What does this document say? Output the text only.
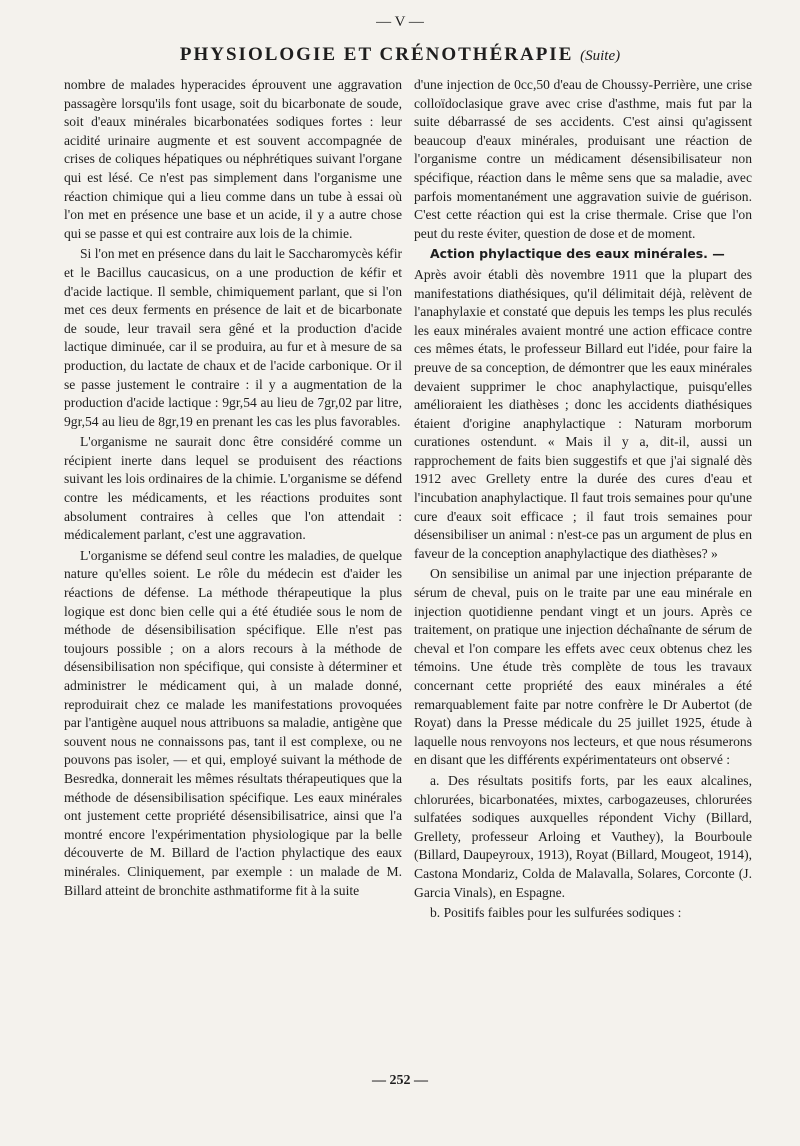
— V —
PHYSIOLOGIE ET CRÉNOTHÉRAPIE (Suite)

nombre de malades hyperacides éprouvent une aggravation passagère lorsqu'ils font usage, soit du bicarbonate de soude, soit d'eaux minérales bicarbonatées sodiques fortes : leur acidité urinaire augmente et est souvent accompagnée de crises de coliques hépatiques ou néphrétiques suivant l'organe qui est lésé. Ce n'est pas simplement dans l'organisme une réaction chimique qui a lieu comme dans un tube à essai où l'on met en présence une base et un acide, il y a autre chose qui se passe et qui est contraire aux lois de la chimie.

Si l'on met en présence dans du lait le Saccharomycès kéfir et le Bacillus caucasicus, on a une production de kéfir et d'acide lactique. Il semble, chimiquement parlant, que si l'on met ces deux ferments en présence de lait et de bicarbonate de soude, leur travail sera gêné et la production d'acide lactique diminuée, car il se produira, au fur et à mesure de sa production, du lactate de chaux et de l'acide carbonique. Or il se passe justement le contraire : il y a augmentation de la production d'acide lactique : 9gr,54 au lieu de 7gr,02 par litre, 9gr,54 au lieu de 8gr,19 en prenant les cas les plus favorables.

L'organisme ne saurait donc être considéré comme un récipient inerte dans lequel se produisent des réactions suivant les lois ordinaires de la chimie. L'organisme se défend contre les médicaments, et les réactions produites sont absolument contraires à celles que l'on attendait : médicalement parlant, c'est une aggravation.

L'organisme se défend seul contre les maladies, de quelque nature qu'elles soient. Le rôle du médecin est d'aider les réactions de défense. La méthode thérapeutique la plus logique est donc bien celle qui a été étudiée sous le nom de méthode de désensibilisation spécifique. Elle n'est pas toujours possible ; on a alors recours à la méthode de désensibilisation non spécifique, qui consiste à déterminer et administrer le médicament qui, à un malade donné, reproduirait chez ce malade les manifestations provoquées par l'antigène auquel nous attribuons sa maladie, antigène que souvent nous ne connaissons pas, tant il est complexe, ou ne pouvons pas isoler, — et qui, employé suivant la méthode de Besredka, donnerait les mêmes résultats thérapeutiques que la méthode de désensibilisation spécifique. Les eaux minérales ont justement cette propriété désensibilisatrice, ainsi que l'a montré encore l'expérimentation physiologique par la belle découverte de M. Billard de l'action phylactique des eaux minérales. Cliniquement, par exemple : un malade de M. Billard atteint de bronchite asthmatiforme fit à la suite

d'une injection de 0cc,50 d'eau de Choussy-Perrière, une crise colloïdoclasique grave avec crise d'asthme, mais fut par la suite débarrassé de ses accidents. C'est ainsi qu'agissent beaucoup d'eaux minérales, produisant une réaction de l'organisme contre un médicament désensibilisateur non spécifique, réaction dans le même sens que sa maladie, avec parfois momentanément une aggravation suivie de guérison. C'est cette réaction qui est la crise thermale. Crise que l'on peut du reste éviter, question de dose et de moment.

Action phylactique des eaux minérales. —

Après avoir établi dès novembre 1911 que la plupart des manifestations diathésiques, qu'il délimitait déjà, relèvent de l'anaphylaxie et constaté que depuis les temps les plus reculés les eaux minérales avaient montré une action efficace contre ces mêmes états, le professeur Billard eut l'idée, pour faire la preuve de sa conception, de démontrer que les eaux minérales devaient supprimer le choc anaphylactique, puisqu'elles amélioraient les diathèses ; donc les accidents diathésiques étaient d'origine anaphylactique : Naturam morborum curationes ostendunt. « Mais il y a, dit-il, aussi un rapprochement de faits bien suggestifs et que j'ai signalé dès 1912 avec Grellety entre la durée des cures d'eau et l'incubation anaphylactique. Il faut trois semaines pour qu'une cure d'eaux soit efficace ; il faut trois semaines pour désensibiliser un animal : n'est-ce pas un argument de plus en faveur de la conception anaphylactique des diathèses? »

On sensibilise un animal par une injection préparante de sérum de cheval, puis on le traite par une eau minérale en injection quotidienne pendant vingt et un jours. Après ce traitement, on pratique une injection déchaînante de sérum de cheval et l'on compare les effets avec ceux obtenus chez les témoins. Une étude très complète de tous les travaux concernant cette propriété des eaux minérales a été remarquablement faite par notre confrère le Dr Aubertot (de Royat) dans la Presse médicale du 25 juillet 1925, étude à laquelle nous renvoyons nos lecteurs, et que nous résumerons en disant que les différents expérimentateurs ont observé :

a. Des résultats positifs forts, par les eaux alcalines, chlorurées, bicarbonatées, mixtes, carbogazeuses, chlorurées sulfatées sodiques auxquelles répondent Vichy (Billard, Grellety, professeur Arloing et Vauthey), la Bourboule (Billard, Daupeyroux, 1913), Royat (Billard, Mougeot, 1914), Castona Mondariz, Colda de Malavalla, Solares, Corconte (J. Garcia Vinals), en Espagne.

b. Positifs faibles pour les sulfurées sodiques :

— 252 —
